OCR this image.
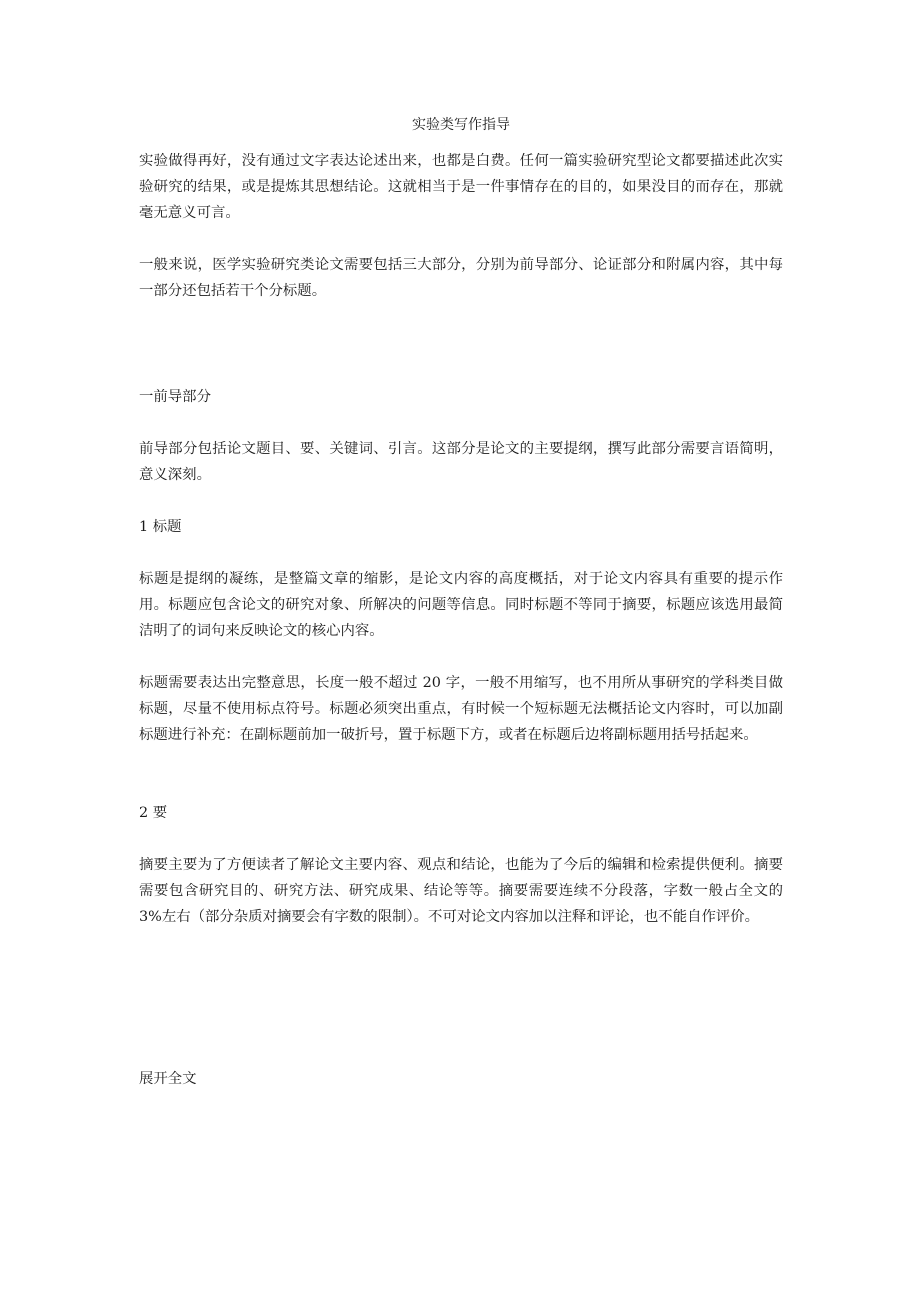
实验类写作指导
实验做得再好，没有通过文字表达论述出来，也都是白费。任何一篇实验研究型论文都要描述此次实验研究的结果，或是提炼其思想结论。这就相当于是一件事情存在的目的，如果没目的而存在，那就毫无意义可言。
一般来说，医学实验研究类论文需要包括三大部分，分别为前导部分、论证部分和附属内容，其中每一部分还包括若干个分标题。
一前导部分
前导部分包括论文题目、要、关键词、引言。这部分是论文的主要提纲，撰写此部分需要言语简明，意义深刻。
1 标题
标题是提纲的凝练，是整篇文章的缩影，是论文内容的高度概括，对于论文内容具有重要的提示作用。标题应包含论文的研究对象、所解决的问题等信息。同时标题不等同于摘要，标题应该选用最简洁明了的词句来反映论文的核心内容。
标题需要表达出完整意思，长度一般不超过 20 字，一般不用缩写，也不用所从事研究的学科类目做标题，尽量不使用标点符号。标题必须突出重点，有时候一个短标题无法概括论文内容时，可以加副标题进行补充：在副标题前加一破折号，置于标题下方，或者在标题后边将副标题用括号括起来。
2 要
摘要主要为了方便读者了解论文主要内容、观点和结论，也能为了今后的编辑和检索提供便利。摘要需要包含研究目的、研究方法、研究成果、结论等等。摘要需要连续不分段落，字数一般占全文的 3%左右（部分杂质对摘要会有字数的限制）。不可对论文内容加以注释和评论，也不能自作评价。
展开全文
